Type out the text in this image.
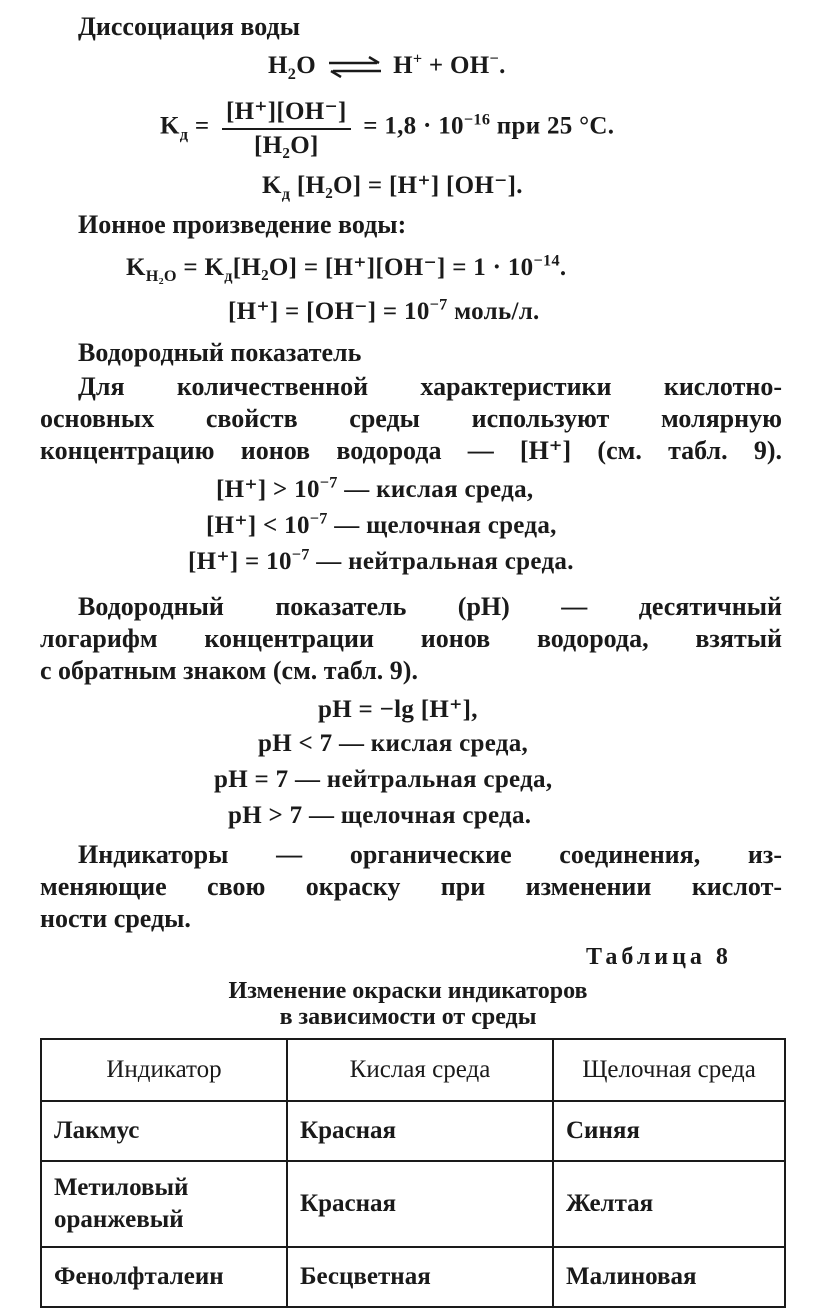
Диссоциация воды
$H_2O$ ⇌ H+ + OH−.
$K_д = \frac{[H^+][OH^-]}{\text{[H₂O]}} = 1,8 \cdot 10^{-16}$ при 25 °C.
$K_д$ [H₂O] = [H⁺] [OH⁻].
Ионное произведение воды:
$K_{H_2O} = K_д[H_2O] = [H^+][OH^-] = 1 \cdot 10^{-14}$.
$[H^+] = [OH^-] = 10^{-7}$ моль/л.
Водородный показатель
Для количественной характеристики кислотно-
основных свойств среды используют молярную
концентрацию ионов водорода — [H⁺] (см. табл. 9).
$[H^+] > 10^{-7}$ — кислая среда,
$[H^+] < 10^{-7}$ — щелочная среда,
$[H^+] = 10^{-7}$ — нейтральная среда.
Водородный показатель (pH) — десятичный
логарифм концентрации ионов водорода, взятый
с обратным знаком (см. табл. 9).
pH = −lg [H⁺],
pH < 7 — кислая среда,
pH = 7 — нейтральная среда,
pH > 7 — щелочная среда.
Индикаторы — органические соединения, из-
меняющие свою окраску при изменении кислот-
ности среды.
Таблица 8
Изменение окраски индикаторов
в зависимости от среды
Индикатор	Кислая среда	Щелочная среда
Лакмус	Красная	Синяя
Метиловый
оранжевый	Красная	Желтая
Фенолфталеин	Бесцветная	Малиновая
